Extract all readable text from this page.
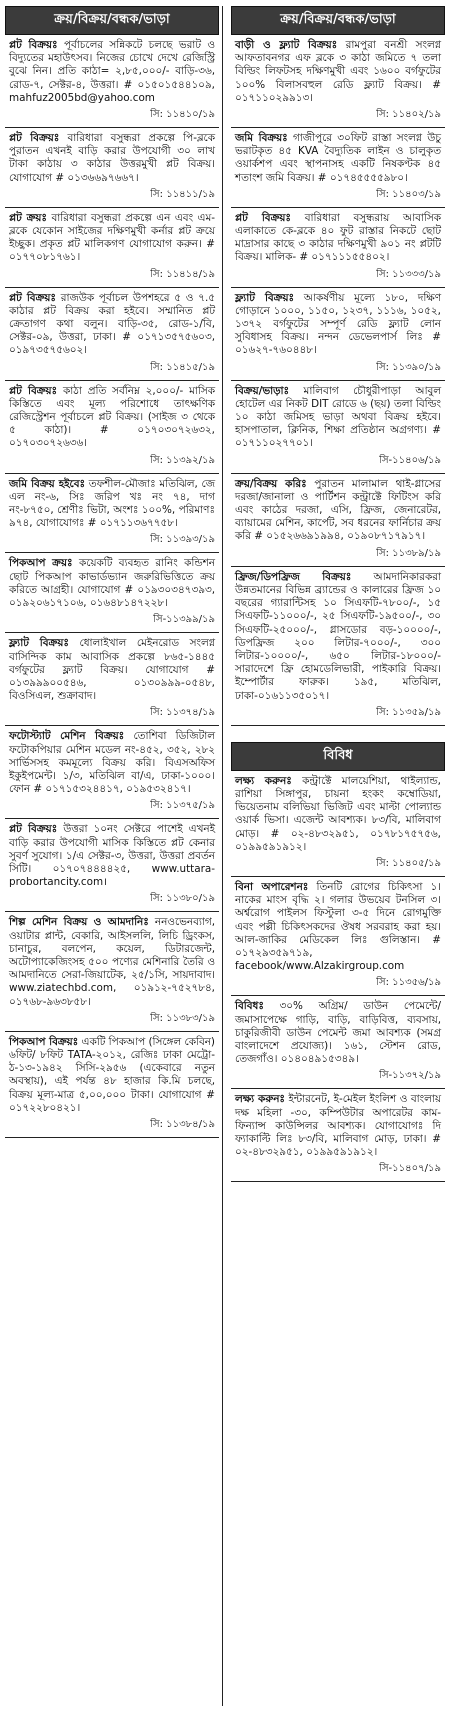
ক্রয়/বিক্রয়/বন্ধক/ভাড়া
প্লট বিক্রয়ঃ পূর্বাচলের সন্নিকটে চলছে ভরাট ও বিদ্যুতের মহাউৎসব। নিজের চোখে দেখে রেজিস্ট্রি বুঝে নিন। প্রতি কাঠা= ২,৮৫,০০০/- বাড়ি-৩৬, রোড-৭, সেক্টর-৪, উত্তরা। # ০১৫০১৫৪৪১০৯, mahfuz2005bd@yahoo.com
সি: ১১৪১০/১৯
প্লট বিক্রয়ঃ বারিধারা বসুন্ধরা প্রকল্পে পি-ব্লকে পুরাতন এখনই বাড়ি করার উপযোগী ৩০ লাখ টাকা কাঠায় ৩ কাঠার উত্তরমুখী প্লট বিক্রয়। যোগাযোগ # ০১৩৬৬৯৭৬৬৭।
সি: ১১৪১১/১৯
প্লট ক্রয়ঃ বারিধারা বসুন্ধরা প্রকল্পে এন এবং এম-ব্লকে যেকোন সাইজের দক্ষিণমুখী কর্নার প্লট ক্রয়ে ইচ্ছুক। প্রকৃত প্লট মালিকগণ যোগাযোগ করুন। # ০১৭৭০৮১৭৬১।
সি: ১১৪১৪/১৯
প্লট বিক্রয়ঃ রাজউক পূর্বাচল উপশহরে ৫ ও ৭.৫ কাঠার প্লট বিক্রয় করা হইবে। সম্মানিত প্লট ক্রেতাগণ কথা বলুন। বাড়ি-৩৫, রোড-১/বি, সেক্টর-০৯, উত্তরা, ঢাকা। # ০১৭১৩৫৭৫৬০৩, ০১৯৭৩৫৭৫৬০২।
সি: ১১৪১৫/১৯
প্লট বিক্রয়ঃ কাঠা প্রতি সর্বনিম্ন ২,০০০/- মাসিক কিস্তিতে এবং মূল্য পরিশোধে তাৎক্ষণিক রেজিস্ট্রেশন পূর্বাচলে প্লট বিক্রয়। (সাইজ ৩ থেকে ৫ কাঠা)। # ০১৭০৩০৭২৬৩২, ০১৭০৩০৭২৬৩৬।
সি: ১১৩৯২/১৯
জমি বিক্রয় হইবেঃ তফশীল-মৌজাঃ মতিঝিল, জে এল নং-৬, সিঃ জরিপ খঃ নং ৭৪, দাগ নং-৮৭৫০, শ্রেণীঃ ভিটা, অংশঃ ১০০%, পরিমাণঃ ৯৭৪, যোগাযোগঃ # ০১৭১১৩৬৭৭৫৮।
সি: ১১৩৯৩/১৯
পিকআপ ক্রয়ঃ কয়েকটি ব্যবহৃত রানিং কন্ডিশন ছোট পিকআপ কাভার্ডভ্যান জরুরিভিত্তিতে ক্রয় করিতে আগ্রহী। যোগাযোগ # ০১৯৩০৩৪৭৩৯৩, ০১৯২০৬১৭১০৬, ০১৬৪৮১৪৭২২৮।
সি-১১৩৯৯/১৯
ফ্ল্যাট বিক্রয়ঃ ধোলাইখাল মেইনরোড সংলগ্ন বাসিন্দিক কাম আবাসিক প্রকল্পে ৮৬৫-১৪৪৫ বর্গফুটের ফ্ল্যাট বিক্রয়। যোগাযোগ # ০১৩৯৯৯০০৫৪৬, ০১৩০৯৯৯-০৫৪৮, বিওসিএল, শুক্রাবাদ।
সি: ১১৩৭৪/১৯
ফটোস্ট্যাট মেশিন বিক্রয়ঃ তোশিবা ডিজিটাল ফটোকপিয়ার মেশিন মডেল নং-৪৫২, ৩৫২, ২৮২ সার্ভিসসহ কমমূল্যে বিক্রয় করি। বিএসঅফিস ইকুইপমেন্ট। ১/৩, মতিঝিল বা/এ, ঢাকা-১০০০। ফোন # ০১৭১৫৩২৪৪১৭, ০১৯৫৩২৪১৭।
সি: ১১৩৭৫/১৯
প্লট বিক্রয়ঃ উত্তরা ১০নং সেক্টরে পাশেই এখনই বাড়ি করার উপযোগী মাসিক কিস্তিতে প্লট কেনার সুবর্ণ সুযোগ। ১/এ সেক্টর-৩, উত্তরা, উত্তরা প্রবর্তন সিটি। ০১৭০৭৪৪৪৪২৫, www.uttara-probortancity.com।
সি: ১১৩৮০/১৯
শিল্প মেশিন বিক্রয় ও আমদানিঃ ননওভেনব্যাগ, ওয়াটার প্লান্ট, বেকারি, আইসললি, লিচি ড্রিংকস, চানাচুর, বলপেন, কয়েল, ডিটারজেন্ট, অটোপ্যাকেজিংসহ ৫০০ পণ্যের মেশিনারি তৈরি ও আমদানিতে সেরা-জিয়াটেক, ২৫/১সি, সায়দাবাদ। www.ziatechbd.com, ০১৯১২-৭৫২৭৮৪, ০১৭৬৮-৯৬৩৮৫৮।
সি: ১১৩৮৩/১৯
পিকআপ বিক্রয়ঃ একটি পিকআপ (সিঙ্গেল কেবিন) ৬ফিট/ ৮ফিট TATA-২০১২, রেজিঃ ঢাকা মেট্রো-ঠ-১৩-১৯৪২ সিসি-২৯৫৬ (একেবারে নতুন অবস্থায়), এই পর্যন্ত ৪৮ হাজার কি.মি চলছে, বিক্রয় মূল্য-মাত্র ৫,০০,০০০ টাকা। যোগাযোগ # ০১৭২২৮০৪২১।
সি: ১১৩৮৪/১৯
ক্রয়/বিক্রয়/বন্ধক/ভাড়া
বাড়ী ও ফ্ল্যাট বিক্রয়ঃ রামপুরা বনশ্রী সংলগ্ন আফতাবনগর এফ ব্লকে ৩ কাঠা জমিতে ৭ তলা বিল্ডিং লিফটসহ দক্ষিণমুখী এবং ১৬০০ বর্গফুটের ১০০% বিলাসবহুল রেডি ফ্ল্যাট বিক্রয়। # ০১৭১১০২৯৯১৩।
সি: ১১৪০২/১৯
জমি বিক্রয়ঃ গাজীপুরে ৩০ফিট রাস্তা সংলগ্ন উচু ভরাটকৃত ৪৫ KVA বৈদ্যুতিক লাইন ও চালুকৃত ওয়ার্কশপ এবং স্থাপনাসহ একটি নিষকণ্টক ৪৫ শতাংশ জমি বিক্রয়। # ০১৭৪৫৫৫৫৯৮০।
সি: ১১৪০৩/১৯
প্লট বিক্রয়ঃ বারিধারা বসুন্ধরায় আবাসিক এলাকাতে কে-ব্লকে ৪০ ফুট রাস্তার নিকটে ছোট মাদ্রাসার কাছে ৩ কাঠার দক্ষিণমুখী ৯০১ নং প্লটটি বিক্রয়। মালিক- # ০১৭১১১৫৫৪০২।
সি: ১১৩৩৩/১৯
ফ্ল্যাট বিক্রয়ঃ আকর্ষণীয় মূল্যে ১৮০, দক্ষিণ গোড়ানে ১০০০, ১১৫০, ১২৩৭, ১১১৬, ১০৫২, ১৩৭২ বর্গফুটের সম্পূর্ণ রেডি ফ্ল্যাট লোন সুবিধাসহ বিক্রয়। নন্দন ডেভেলপার্স লিঃ # ০১৬২৭-৭৬০৪৪৮।
সি: ১১৩৯০/১৯
বিক্রয়/ভাড়াঃ মালিবাগ চৌধুরীপাড়া আবুল হোটেল এর নিকট DIT রোডে ৬ (ছয়) তলা বিল্ডিং ১০ কাঠা জমিসহ ভাড়া অথবা বিক্রয় হইবে। হাসপাতাল, ক্লিনিক, শিক্ষা প্রতিষ্ঠান অগ্রগণ্য। # ০১৭১১০২৭৭০১।
সি-১১৪০৬/১৯
ক্রয়/বিক্রয় করিঃ পুরাতন মালামাল থাই-গ্লাসের দরজা/জানালা ও পার্টিশন কন্ট্রাক্টে ফিটিংস করি এবং কাঠের দরজা, এসি, ফ্রিজ, জেনারেটর, ব্যায়ামের মেশিন, কার্পেট, সব ধরনের ফার্নিচার ক্রয় করি # ০১৫২৬৬৯১৯৯৪, ০১৯০৮৭১৭৯১৭।
সি: ১১৩৮৯/১৯
ফ্রিজ/ডিপফ্রিজ বিক্রয়ঃ আমদানিকারকরা উন্নতমানের বিভিন্ন ব্র্যান্ডের ও কালারের ফ্রিজ ১০ বছরের গ্যারান্টিসহ ১০ সিএফটি-৭৮০০/-, ১৫ সিএফটি-১১০০০/-, ২৫ সিএফটি-১৯৫০০/-, ৩০ সিএফটি-২৫০০০/-, গ্লাসডোর বড়-১০০০০/-, ডিপফ্রিজ ২০০ লিটার-৭০০০/-, ৩০০ লিটার-১০০০০/-, ৬৫০ লিটার-১৮০০০/- সারাদেশে ফ্রি হোমডেলিভারী, পাইকারি বিক্রয়। ইম্পোর্টার ফারুক। ১৯৫, মতিঝিল, ঢাকা-০১৬১১৩৫০১৭।
সি: ১১৩৫৯/১৯
বিবিধ
লক্ষ্য করুনঃ কন্ট্রাক্টে মালয়েশিয়া, থাইল্যান্ড, রাশিয়া সিঙ্গাপুর, চায়না হংকং কম্বোডিয়া, ভিয়েতনাম বলিভিয়া ভিজিট এবং মাল্টা পোল্যান্ড ওয়ার্ক ভিসা। এজেন্ট আবশ্যক। ৮৩/বি, মালিবাগ মোড়। # ০২-৪৮৩২৯৫১, ০১৭৮১৭৫৭৫৬, ০১৯৯৫৯১৯১২।
সি: ১১৪০৫/১৯
বিনা অপারেশনঃ তিনটি রোগের চিকিৎসা ১। নাকের মাংস বৃদ্ধি ২। গলার উভয়েব টনসিল ৩। অর্শ্বরোগ পাইলস ফিস্টুলা ৩-৫ দিনে রোগমুক্তি এবং পল্লী চিকিৎসকদের ঔষধ সরবরাহ করা হয়। আল-জাকির মেডিকেল লিঃ গুলিস্তান। # ০১৭২৯৩৫৯৭১৯, facebook/www.Alzakirgroup.com
সি: ১১৩৫৬/১৯
বিবিধঃ ৩০% অগ্রিম/ ডাউন পেমেন্টে/ জমাসাপেক্ষে গাড়ি, বাড়ি, বাড়িবিত্ত, ব্যবসায়, চাকুরিজীবী ডাউন পেমেন্ট জমা আবশ্যক (সমগ্র বাংলাদেশে প্রযোজ্য)। ১৬১, স্টেশন রোড, তেজগাঁও। ০১৪০৪৯১৫৩৪৯।
সি-১১৩৭২/১৯
লক্ষ্য করুনঃ ইন্টারনেট, ই-মেইল ইংলিশ ও বাংলায় দক্ষ মহিলা -৩০, কম্পিউটার অপারেটর কাম-ফিন্যান্স কাউন্সিলর আবশ্যক। যোগাযোগঃ দি ফ্যাকাল্টি লিঃ ৮৩/বি, মালিবাগ মোড়, ঢাকা। # ০২-৪৮৩২৯৫১, ০১৯৯৫৯১৯১২।
সি-১১৪০৭/১৯
